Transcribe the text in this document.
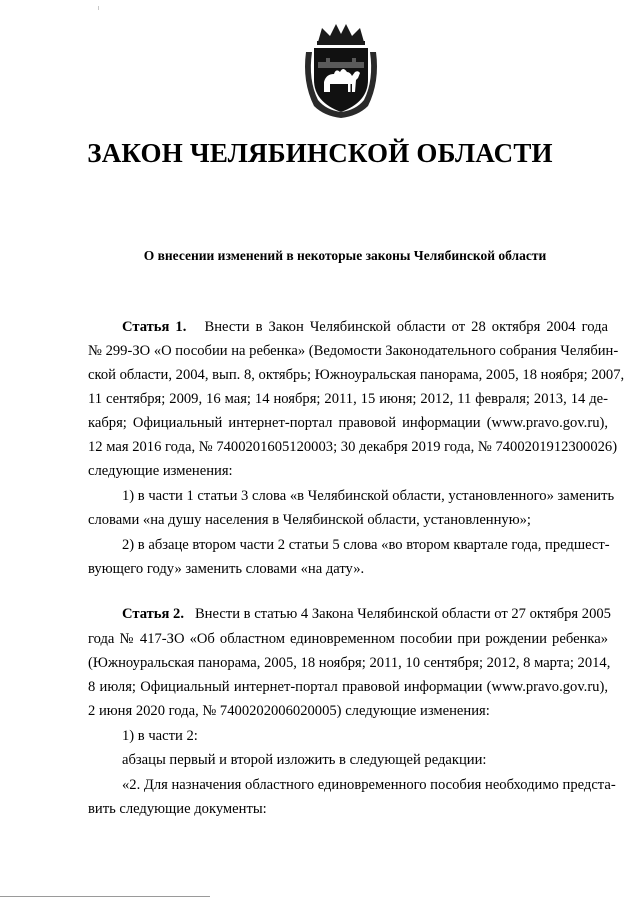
ЗАКОН ЧЕЛЯБИНСКОЙ ОБЛАСТИ
О внесении изменений в некоторые законы Челябинской области
Статья 1. Внести в Закон Челябинской области от 28 октября 2004 года
№ 299-ЗО «О пособии на ребенка» (Ведомости Законодательного собрания Челябин-
ской области, 2004, вып. 8, октябрь; Южноуральская панорама, 2005, 18 ноября; 2007,
11 сентября; 2009, 16 мая; 14 ноября; 2011, 15 июня; 2012, 11 февраля; 2013, 14 де-
кабря; Официальный интернет-портал правовой информации (www.pravo.gov.ru),
12 мая 2016 года, № 7400201605120003; 30 декабря 2019 года, № 7400201912300026)
следующие изменения:
1) в части 1 статьи 3 слова «в Челябинской области, установленного» заменить
словами «на душу населения в Челябинской области, установленную»;
2) в абзаце втором части 2 статьи 5 слова «во втором квартале года, предшест-
вующего году» заменить словами «на дату».
Статья 2. Внести в статью 4 Закона Челябинской области от 27 октября 2005
года № 417-ЗО «Об областном единовременном пособии при рождении ребенка»
(Южноуральская панорама, 2005, 18 ноября; 2011, 10 сентября; 2012, 8 марта; 2014,
8 июля; Официальный интернет-портал правовой информации (www.pravo.gov.ru),
2 июня 2020 года, № 7400202006020005) следующие изменения:
1) в части 2:
абзацы первый и второй изложить в следующей редакции:
«2. Для назначения областного единовременного пособия необходимо предста-
вить следующие документы:
